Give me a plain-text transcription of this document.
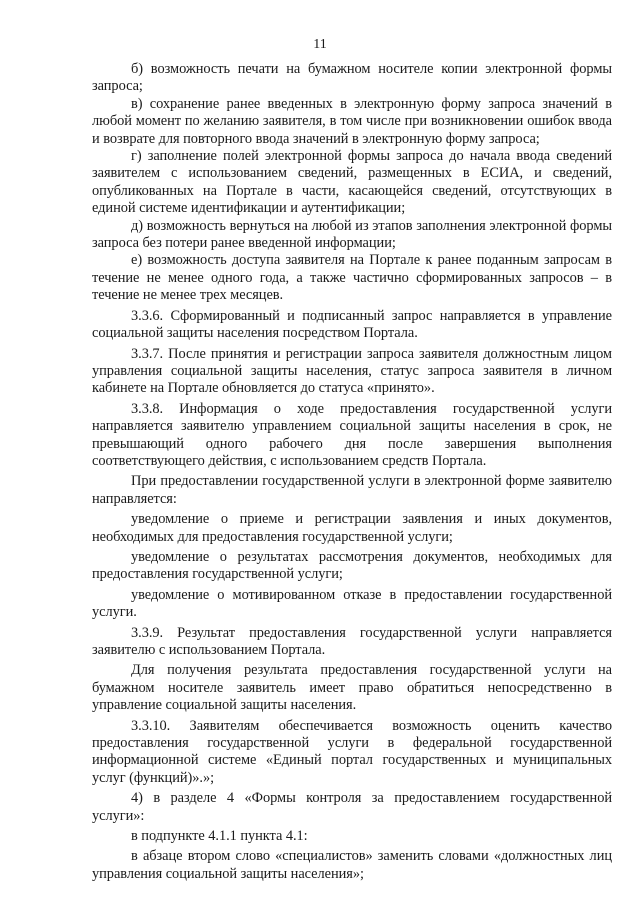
11

б) возможность печати на бумажном носителе копии электронной формы запроса;

в) сохранение ранее введенных в электронную форму запроса значений в любой момент по желанию заявителя, в том числе при возникновении ошибок ввода и возврате для повторного ввода значений в электронную форму запроса;

г) заполнение полей электронной формы запроса до начала ввода сведений заявителем с использованием сведений, размещенных в ЕСИА, и сведений, опубликованных на Портале в части, касающейся сведений, отсутствующих в единой системе идентификации и аутентификации;

д) возможность вернуться на любой из этапов заполнения электронной формы запроса без потери ранее введенной информации;

е) возможность доступа заявителя на Портале к ранее поданным запросам в течение не менее одного года, а также частично сформированных запросов – в течение не менее трех месяцев.

3.3.6. Сформированный и подписанный запрос направляется в управление социальной защиты населения посредством Портала.

3.3.7. После принятия и регистрации запроса заявителя должностным лицом управления социальной защиты населения, статус запроса заявителя в личном кабинете на Портале обновляется до статуса «принято».

3.3.8. Информация о ходе предоставления государственной услуги направляется заявителю управлением социальной защиты населения в срок, не превышающий одного рабочего дня после завершения выполнения соответствующего действия, с использованием средств Портала.

При предоставлении государственной услуги в электронной форме заявителю направляется:

уведомление о приеме и регистрации заявления и иных документов, необходимых для предоставления государственной услуги;

уведомление о результатах рассмотрения документов, необходимых для предоставления государственной услуги;

уведомление о мотивированном отказе в предоставлении государственной услуги.

3.3.9. Результат предоставления государственной услуги направляется заявителю с использованием Портала.

Для получения результата предоставления государственной услуги на бумажном носителе заявитель имеет право обратиться непосредственно в управление социальной защиты населения.

3.3.10. Заявителям обеспечивается возможность оценить качество предоставления государственной услуги в федеральной государственной информационной системе «Единый портал государственных и муниципальных услуг (функций)».»;

4) в разделе 4 «Формы контроля за предоставлением государственной услуги»:

в подпункте 4.1.1 пункта 4.1:

в абзаце втором слово «специалистов» заменить словами «должностных лиц управления социальной защиты населения»;
